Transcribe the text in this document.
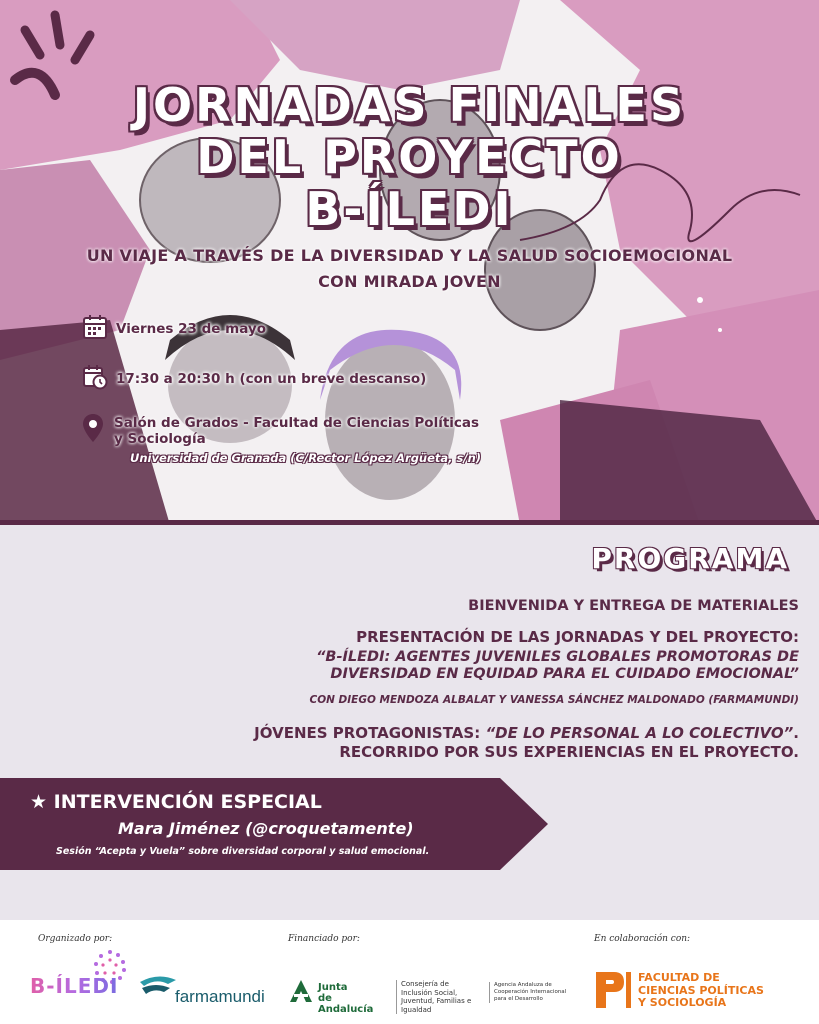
JORNADAS FINALES
DEL PROYECTO
B-ÍLEDI
UN VIAJE A TRAVÉS DE LA DIVERSIDAD Y LA SALUD SOCIOEMOCIONAL
CON MIRADA JOVEN
Viernes 23 de mayo
17:30 a 20:30 h (con un breve descanso)
Salón de Grados - Facultad de Ciencias Políticas
y Sociología
Universidad de Granada (C/Rector López Argüeta, s/n)
PROGRAMA
BIENVENIDA Y ENTREGA DE MATERIALES
PRESENTACIÓN DE LAS JORNADAS Y DEL PROYECTO:
“B-ÍLEDI: AGENTES JUVENILES GLOBALES PROMOTORAS DE
DIVERSIDAD EN EQUIDAD PARA EL CUIDADO EMOCIONAL”
CON DIEGO MENDOZA ALBALAT Y VANESSA SÁNCHEZ MALDONADO (FARMAMUNDI)
JÓVENES PROTAGONISTAS: “DE LO PERSONAL A LO COLECTIVO”.
RECORRIDO POR SUS EXPERIENCIAS EN EL PROYECTO.
★ INTERVENCIÓN ESPECIAL
Mara Jiménez (@croquetamente)
Sesión “Acepta y Vuela” sobre diversidad corporal y salud emocional.
Organizado por:	Financiado por:	En colaboración con:
B-ÍLEDI	farmamundi	Junta
de Andalucía
Consejería de Inclusión Social, Juventud, Familias e Igualdad
Agencia Andaluza de Cooperación Internacional para el Desarrollo
FACULTAD DE
CIENCIAS POLÍTICAS
Y SOCIOLOGÍA
